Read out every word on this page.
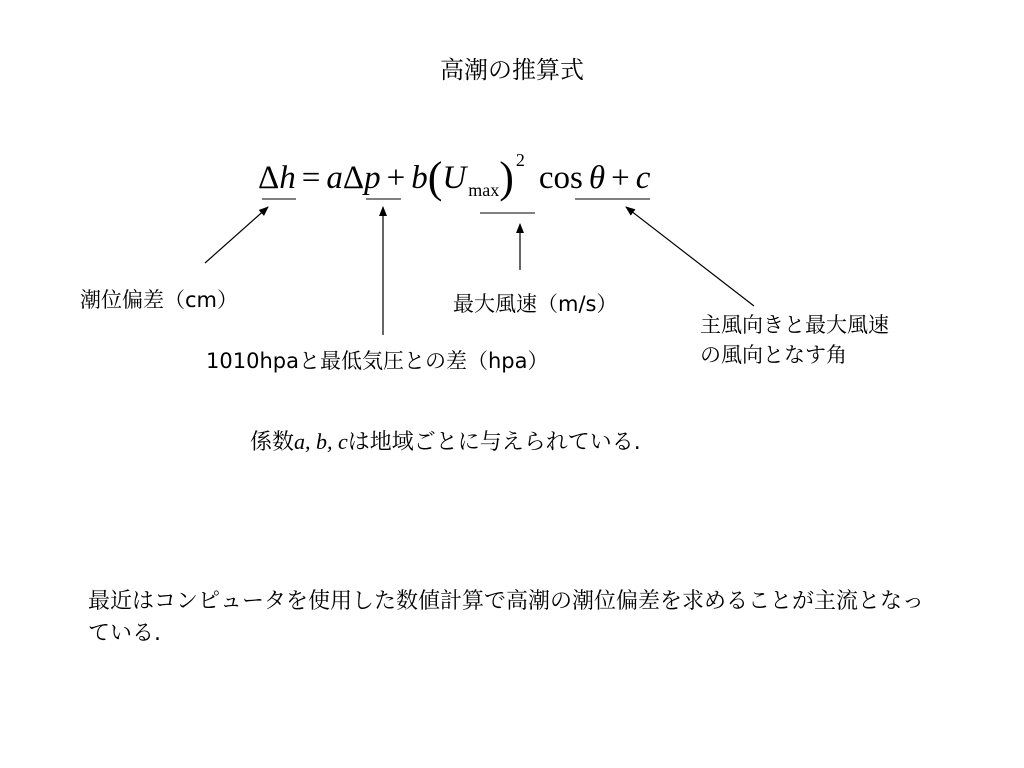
高潮の推算式
Δh = aΔp + b(U $_{max}$) $^2$ cos θ + c
潮位偏差（cm）
1010hpaと最低気圧との差（hpa）
最大風速（m/s）
主風向きと最大風速
の風向となす角
係数a, b, cは地域ごとに与えられている.
最近はコンピュータを使用した数値計算で高潮の潮位偏差を求めることが主流となっている.
